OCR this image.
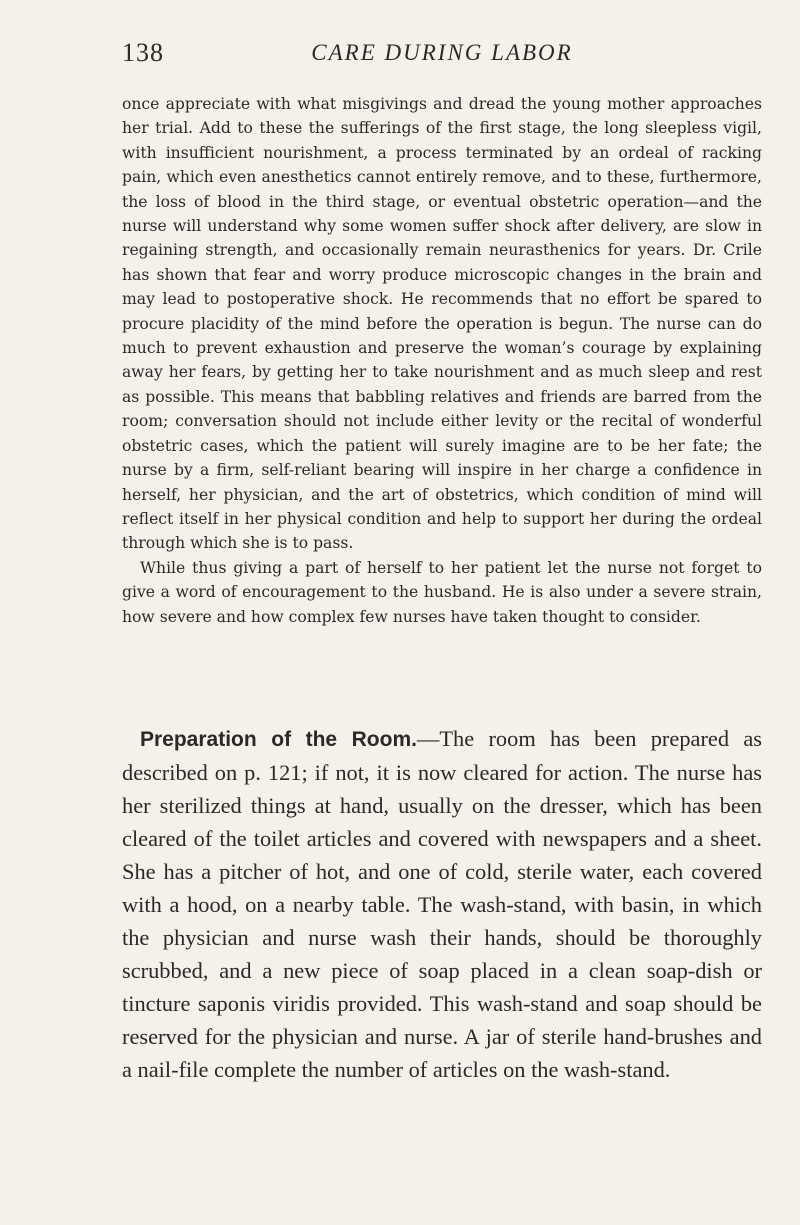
138	CARE DURING LABOR

once appreciate with what misgivings and dread the young mother approaches her trial. Add to these the sufferings of the first stage, the long sleepless vigil, with insufficient nourishment, a process terminated by an ordeal of racking pain, which even anesthetics cannot entirely remove, and to these, furthermore, the loss of blood in the third stage, or eventual obstetric operation—and the nurse will understand why some women suffer shock after delivery, are slow in regaining strength, and occasionally remain neurasthenics for years. Dr. Crile has shown that fear and worry produce microscopic changes in the brain and may lead to postoperative shock. He recommends that no effort be spared to procure placidity of the mind before the operation is begun. The nurse can do much to prevent exhaustion and preserve the woman’s courage by explaining away her fears, by getting her to take nourishment and as much sleep and rest as possible. This means that babbling relatives and friends are barred from the room; conversation should not include either levity or the recital of wonderful obstetric cases, which the patient will surely imagine are to be her fate; the nurse by a firm, self-reliant bearing will inspire in her charge a confidence in herself, her physician, and the art of obstetrics, which condition of mind will reflect itself in her physical condition and help to support her during the ordeal through which she is to pass.

While thus giving a part of herself to her patient let the nurse not forget to give a word of encouragement to the husband. He is also under a severe strain, how severe and how complex few nurses have taken thought to consider.

Preparation of the Room.—The room has been prepared as described on p. 121; if not, it is now cleared for action. The nurse has her sterilized things at hand, usually on the dresser, which has been cleared of the toilet articles and covered with newspapers and a sheet. She has a pitcher of hot, and one of cold, sterile water, each covered with a hood, on a nearby table. The wash-stand, with basin, in which the physician and nurse wash their hands, should be thoroughly scrubbed, and a new piece of soap placed in a clean soap-dish or tincture saponis viridis provided. This wash-stand and soap should be reserved for the physician and nurse. A jar of sterile hand-brushes and a nail-file complete the number of articles on the wash-stand.
